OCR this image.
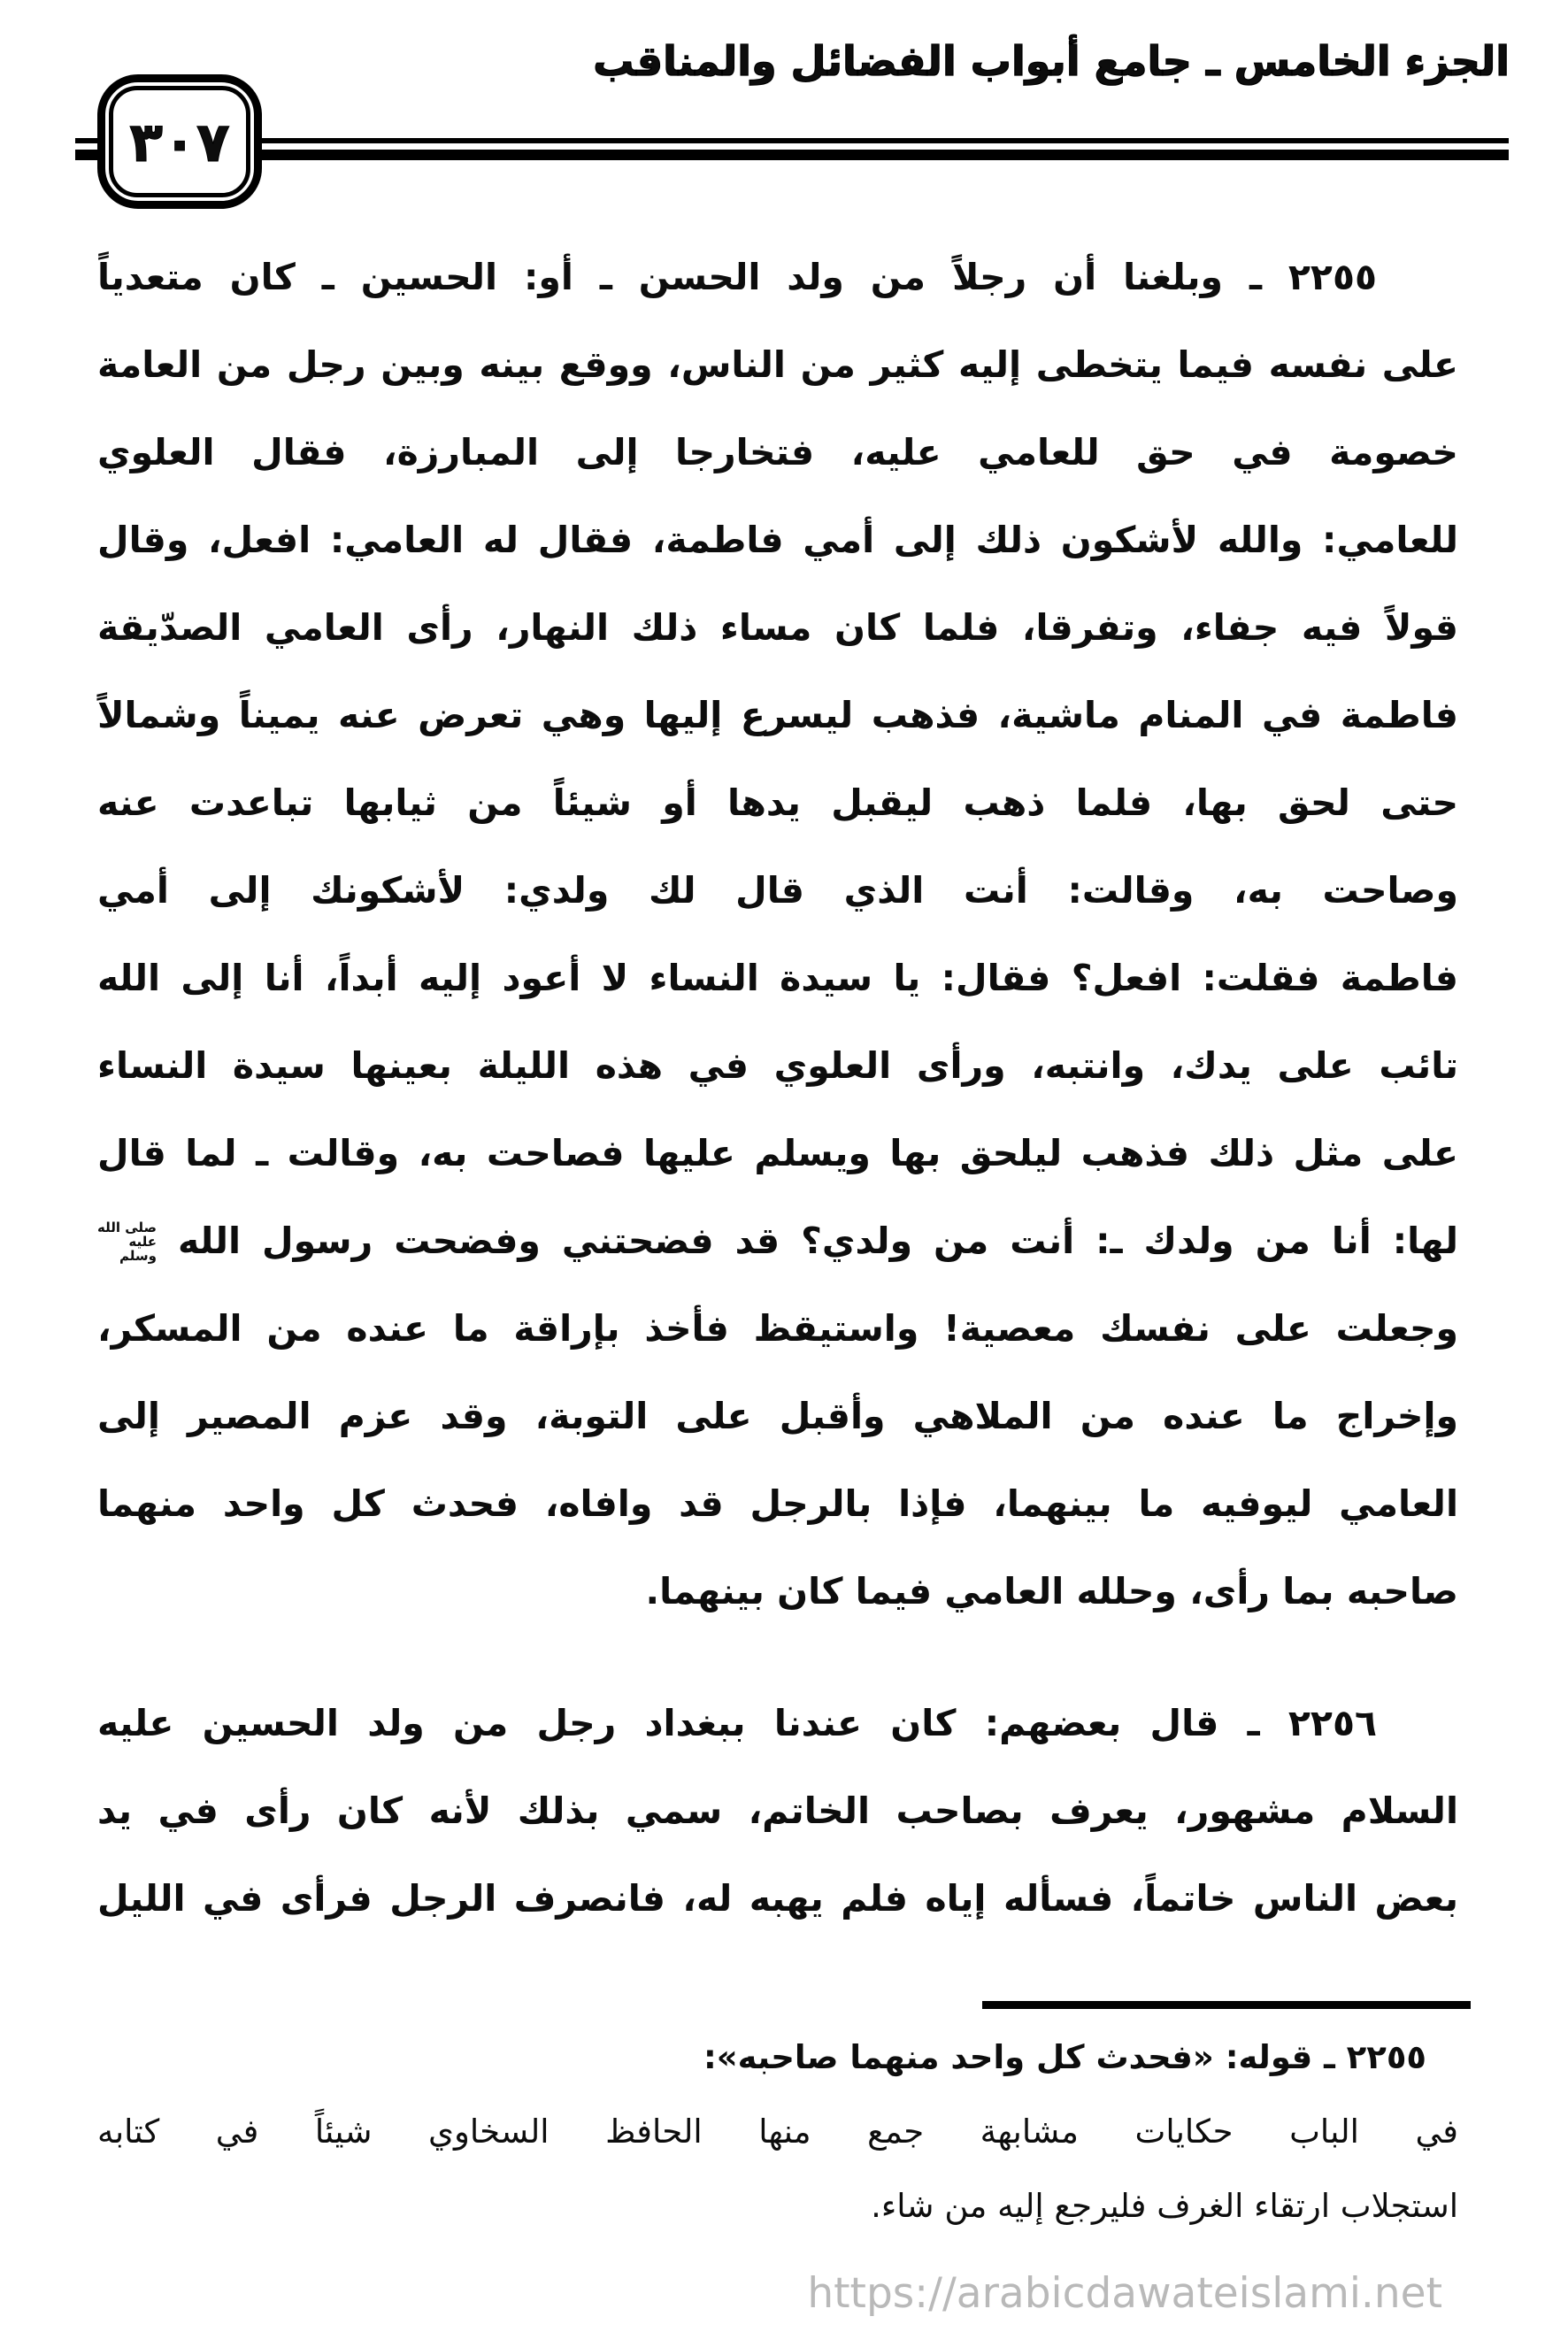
الجزء الخامس ـ جامع أبواب الفضائل والمناقب
٣٠٧
٢٢٥٥ ـ وبلغنا أن رجلاً من ولد الحسن ـ أو: الحسين ـ كان متعدياً
على نفسه فيما يتخطى إليه كثير من الناس، ووقع بينه وبين رجل من العامة
خصومة في حق للعامي عليه، فتخارجا إلى المبارزة، فقال العلوي
للعامي: والله لأشكون ذلك إلى أمي فاطمة، فقال له العامي: افعل، وقال
قولاً فيه جفاء، وتفرقا، فلما كان مساء ذلك النهار، رأى العامي الصدّيقة
فاطمة في المنام ماشية، فذهب ليسرع إليها وهي تعرض عنه يميناً وشمالاً
حتى لحق بها، فلما ذهب ليقبل يدها أو شيئاً من ثيابها تباعدت عنه
وصاحت به، وقالت: أنت الذي قال لك ولدي: لأشكونك إلى أمي
فاطمة فقلت: افعل؟ فقال: يا سيدة النساء لا أعود إليه أبداً، أنا إلى الله
تائب على يدك، وانتبه، ورأى العلوي في هذه الليلة بعينها سيدة النساء
على مثل ذلك فذهب ليلحق بها ويسلم عليها فصاحت به، وقالت ـ لما قال
لها: أنا من ولدك ـ: أنت من ولدي؟ قد فضحتني وفضحت رسول الله
صلى الله
عليه
وسلم
وجعلت على نفسك معصية! واستيقظ فأخذ بإراقة ما عنده من المسكر،
وإخراج ما عنده من الملاهي وأقبل على التوبة، وقد عزم المصير إلى
العامي ليوفيه ما بينهما، فإذا بالرجل قد وافاه، فحدث كل واحد منهما
صاحبه بما رأى، وحلله العامي فيما كان بينهما.
٢٢٥٦ ـ قال بعضهم: كان عندنا ببغداد رجل من ولد الحسين عليه
السلام مشهور، يعرف بصاحب الخاتم، سمي بذلك لأنه كان رأى في يد
بعض الناس خاتماً، فسأله إياه فلم يهبه له، فانصرف الرجل فرأى في الليل
٢٢٥٥ ـ قوله: «فحدث كل واحد منهما صاحبه»:
في الباب حكايات مشابهة جمع منها الحافظ السخاوي شيئاً في كتابه
استجلاب ارتقاء الغرف فليرجع إليه من شاء.
https://arabicdawateislami.net
